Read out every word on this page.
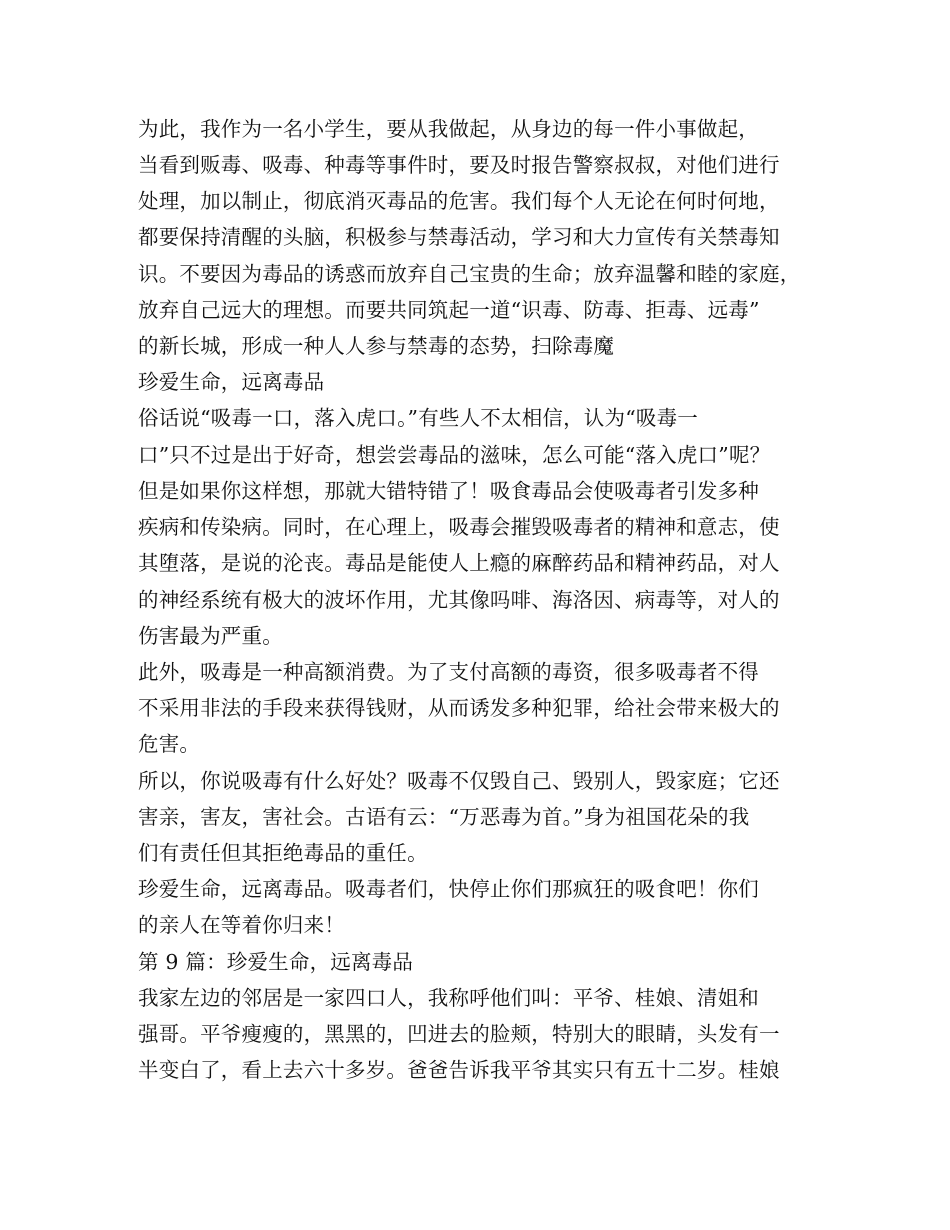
为此，我作为一名小学生，要从我做起，从身边的每一件小事做起，
当看到贩毒、吸毒、种毒等事件时，要及时报告警察叔叔，对他们进行
处理，加以制止，彻底消灭毒品的危害。我们每个人无论在何时何地，
都要保持清醒的头脑，积极参与禁毒活动，学习和大力宣传有关禁毒知
识。不要因为毒品的诱惑而放弃自己宝贵的生命；放弃温馨和睦的家庭，
放弃自己远大的理想。而要共同筑起一道“识毒、防毒、拒毒、远毒”
的新长城，形成一种人人参与禁毒的态势，扫除毒魔
珍爱生命，远离毒品
俗话说“吸毒一口，落入虎口。”有些人不太相信，认为“吸毒一
口”只不过是出于好奇，想尝尝毒品的滋味，怎么可能“落入虎口”呢？
但是如果你这样想，那就大错特错了！吸食毒品会使吸毒者引发多种
疾病和传染病。同时，在心理上，吸毒会摧毁吸毒者的精神和意志，使
其堕落，是说的沦丧。毒品是能使人上瘾的麻醉药品和精神药品，对人
的神经系统有极大的波坏作用，尤其像吗啡、海洛因、病毒等，对人的
伤害最为严重。
此外，吸毒是一种高额消费。为了支付高额的毒资，很多吸毒者不得
不采用非法的手段来获得钱财，从而诱发多种犯罪，给社会带来极大的
危害。
所以，你说吸毒有什么好处？吸毒不仅毁自己、毁别人，毁家庭；它还
害亲，害友，害社会。古语有云：“万恶毒为首。”身为祖国花朵的我
们有责任但其拒绝毒品的重任。
珍爱生命，远离毒品。吸毒者们，快停止你们那疯狂的吸食吧！你们
的亲人在等着你归来！
第 9 篇：珍爱生命，远离毒品
我家左边的邻居是一家四口人，我称呼他们叫：平爷、桂娘、清姐和
强哥。平爷瘦瘦的，黑黑的，凹进去的脸颊，特别大的眼睛，头发有一
半变白了，看上去六十多岁。爸爸告诉我平爷其实只有五十二岁。桂娘
